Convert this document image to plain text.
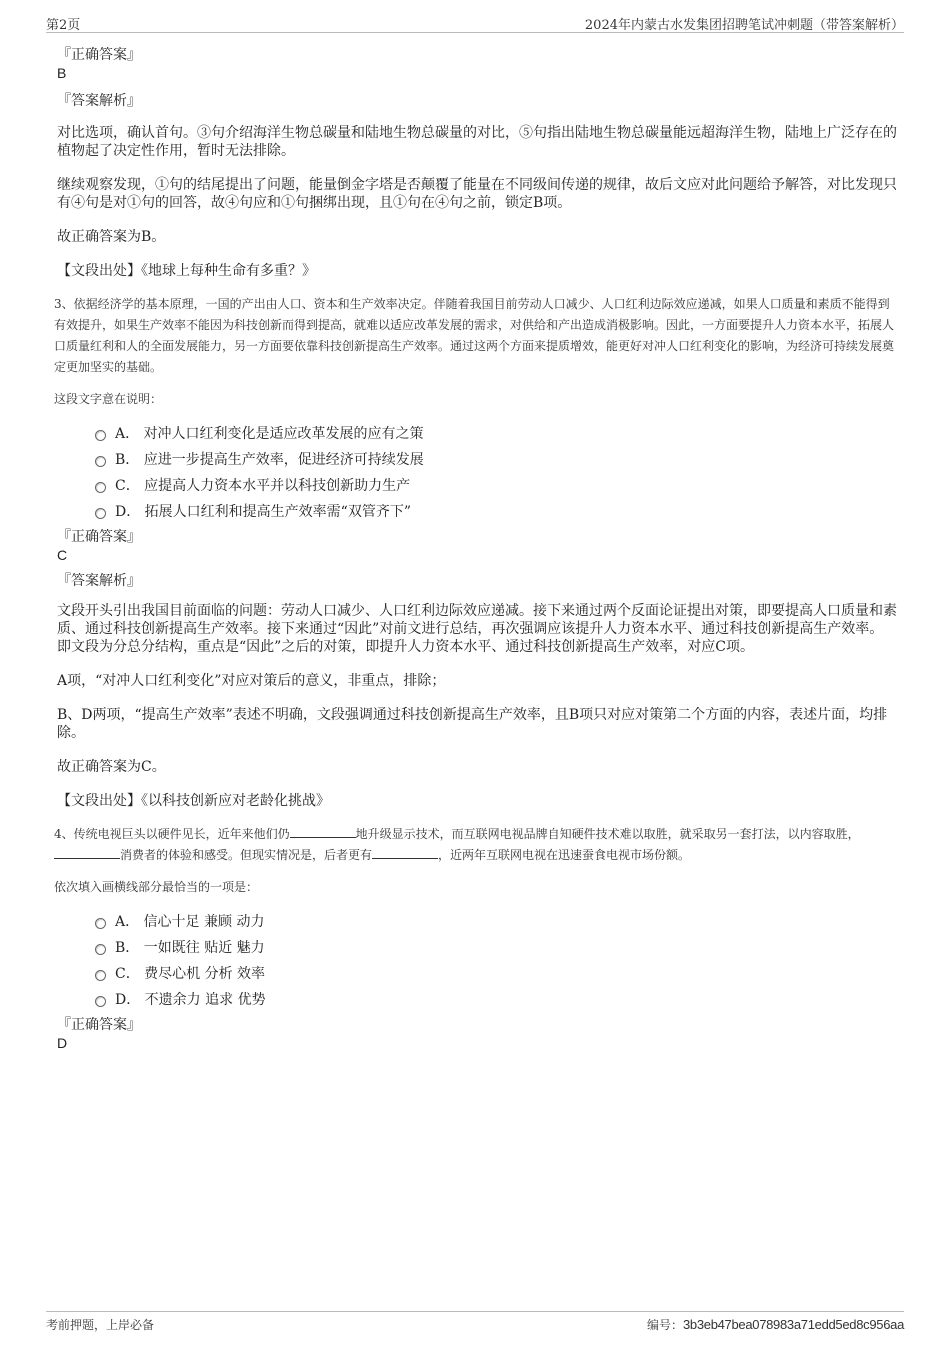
第2页	2024年内蒙古水发集团招聘笔试冲刺题（带答案解析）

『正确答案』

B

『答案解析』

对比选项，确认首句。③句介绍海洋生物总碳量和陆地生物总碳量的对比，⑤句指出陆地生物总碳量能远超海洋生物，陆地上广泛存在的植物起了决定性作用，暂时无法排除。

继续观察发现，①句的结尾提出了问题，能量倒金字塔是否颠覆了能量在不同级间传递的规律，故后文应对此问题给予解答，对比发现只有④句是对①句的回答，故④句应和①句捆绑出现，且①句在④句之前，锁定B项。

故正确答案为B。

【文段出处】《地球上每种生命有多重？》

3、依据经济学的基本原理，一国的产出由人口、资本和生产效率决定。伴随着我国目前劳动人口减少、人口红利边际效应递减，如果人口质量和素质不能得到有效提升，如果生产效率不能因为科技创新而得到提高，就难以适应改革发展的需求，对供给和产出造成消极影响。因此，一方面要提升人力资本水平，拓展人口质量红利和人的全面发展能力，另一方面要依靠科技创新提高生产效率。通过这两个方面来提质增效，能更好对冲人口红利变化的影响，为经济可持续发展奠定更加坚实的基础。

这段文字意在说明：

A． 对冲人口红利变化是适应改革发展的应有之策
B． 应进一步提高生产效率，促进经济可持续发展
C． 应提高人力资本水平并以科技创新助力生产
D． 拓展人口红利和提高生产效率需“双管齐下”

『正确答案』

C

『答案解析』

文段开头引出我国目前面临的问题：劳动人口减少、人口红利边际效应递减。接下来通过两个反面论证提出对策，即要提高人口质量和素质、通过科技创新提高生产效率。接下来通过“因此”对前文进行总结，再次强调应该提升人力资本水平、通过科技创新提高生产效率。即文段为分总分结构，重点是“因此”之后的对策，即提升人力资本水平、通过科技创新提高生产效率，对应C项。

A项，“对冲人口红利变化”对应对策后的意义，非重点，排除；

B、D两项，“提高生产效率”表述不明确，文段强调通过科技创新提高生产效率，且B项只对应对策第二个方面的内容，表述片面，均排除。

故正确答案为C。

【文段出处】《以科技创新应对老龄化挑战》

4、传统电视巨头以硬件见长，近年来他们仍	地升级显示技术，而互联网电视品牌自知硬件技术难以取胜，就采取另一套打法，以内容取胜，消费者的体验和感受。但现实情况是，后者更有	，近两年互联网电视在迅速蚕食电视市场份额。

依次填入画横线部分最恰当的一项是：

A． 信心十足 兼顾 动力
B． 一如既往 贴近 魅力
C． 费尽心机 分析 效率
D． 不遗余力 追求 优势

『正确答案』

D

考前押题，上岸必备	编号：3b3eb47bea078983a71edd5ed8c956aa
